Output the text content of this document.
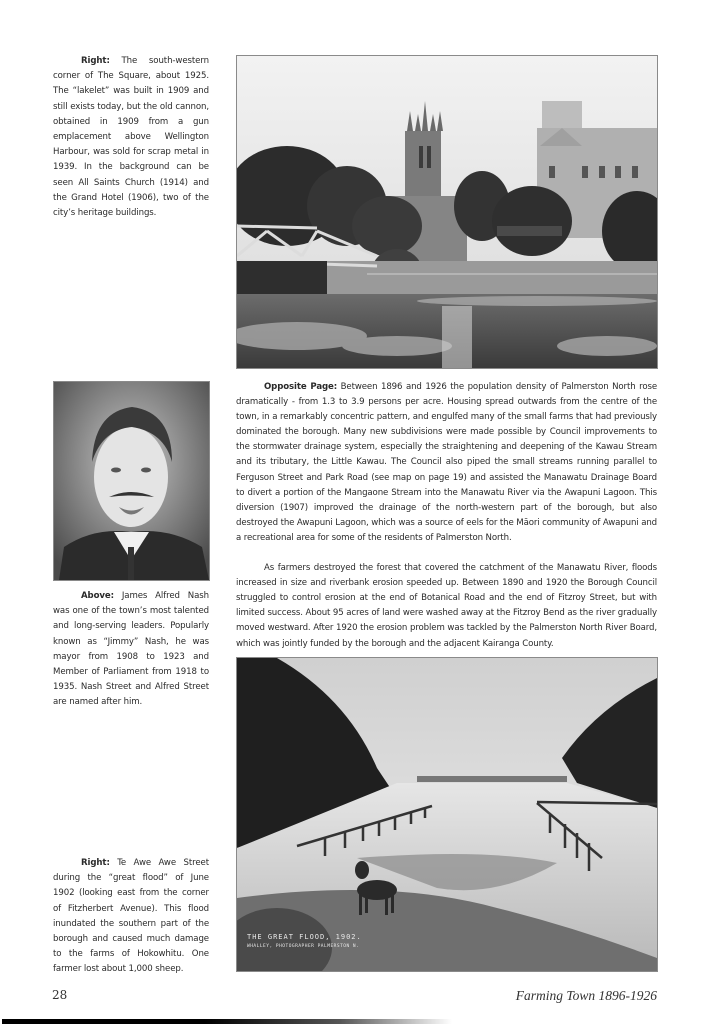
Right: The south-western corner of The Square, about 1925. The “lakelet” was built in 1909 and still exists today, but the old cannon, obtained in 1909 from a gun emplacement above Wellington Harbour, was sold for scrap metal in 1939. In the background can be seen All Saints Church (1914) and the Grand Hotel (1906), two of the city’s heritage buildings.

Opposite Page: Between 1896 and 1926 the population density of Palmerston North rose dramatically - from 1.3 to 3.9 persons per acre. Housing spread outwards from the centre of the town, in a remarkably concentric pattern, and engulfed many of the small farms that had previously dominated the borough. Many new subdivisions were made possible by Council improvements to the stormwater drainage system, especially the straightening and deepening of the Kawau Stream and its tributary, the Little Kawau. The Council also piped the small streams running parallel to Ferguson Street and Park Road (see map on page 19) and assisted the Manawatu Drainage Board to divert a portion of the Mangaone Stream into the Manawatu River via the Awapuni Lagoon. This diversion (1907) improved the drainage of the north-western part of the borough, but also destroyed the Awapuni Lagoon, which was a source of eels for the Māori community of Awapuni and a recreational area for some of the residents of Palmerston North.

As farmers destroyed the forest that covered the catchment of the Manawatu River, floods increased in size and riverbank erosion speeded up. Between 1890 and 1920 the Borough Council struggled to control erosion at the end of Botanical Road and the end of Fitzroy Street, but with limited success. About 95 acres of land were washed away at the Fitzroy Bend as the river gradually moved westward. After 1920 the erosion problem was tackled by the Palmerston North River Board, which was jointly funded by the borough and the adjacent Kairanga County.

Above: James Alfred Nash was one of the town’s most talented and long-serving leaders. Popularly known as “Jimmy” Nash, he was mayor from 1908 to 1923 and Member of Parliament from 1918 to 1935. Nash Street and Alfred Street are named after him.
THE GREAT FLOOD, 1902.
WHALLEY, PHOTOGRAPHER PALMERSTON N.
Right: Te Awe Awe Street during the “great flood” of June 1902 (looking east from the corner of Fitzherbert Avenue). This flood inundated the southern part of the borough and caused much damage to the farms of Hokowhitu. One farmer lost about 1,000 sheep.
28	Farming Town 1896-1926
